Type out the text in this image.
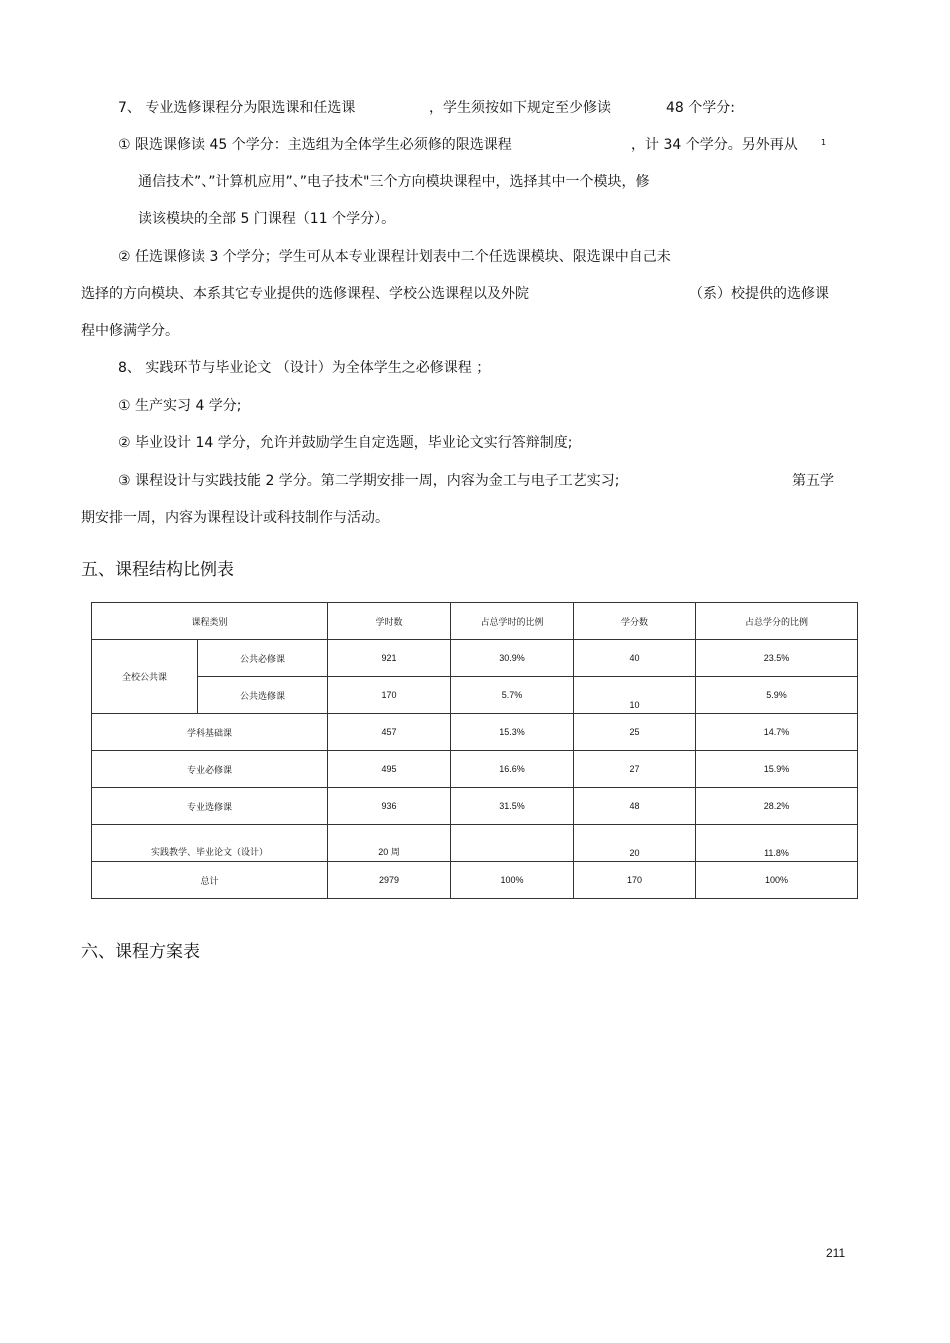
7、 专业选修课程分为限选课和任选课	，学生须按如下规定至少修读	48 个学分:
① 限选课修读 45 个学分：主选组为全体学生必须修的限选课程	，计 34 个学分。另外再从	1
通信技术”、”计算机应用”、”电子技术"三个方向模块课程中，选择其中一个模块，修
读该模块的全部 5 门课程（11 个学分）。
② 任选课修读 3 个学分；学生可从本专业课程计划表中二个任选课模块、限选课中自己未
选择的方向模块、本系其它专业提供的选修课程、学校公选课程以及外院	（系）校提供的选修课
程中修满学分。
8、 实践环节与毕业论文 （设计）为全体学生之必修课程 ；
① 生产实习 4 学分;
② 毕业设计 14 学分，允许并鼓励学生自定选题，毕业论文实行答辩制度;
③ 课程设计与实践技能 2 学分。第二学期安排一周，内容为金工与电子工艺实习;	第五学
期安排一周，内容为课程设计或科技制作与活动。
五、课程结构比例表
课程类别		学时数	占总学时的比例	学分数	占总学分的比例
全校公共课	公共必修课	921	30.9%	40	23.5%
	公共选修课	170	5.7%	10	5.9%
学科基础课		457	15.3%	25	14.7%
专业必修课		495	16.6%	27	15.9%
专业选修课		936	31.5%	48	28.2%
实践教学、毕业论文（设计）		20 周		20	11.8%
总计		2979	100%	170	100%
六、课程方案表
211
